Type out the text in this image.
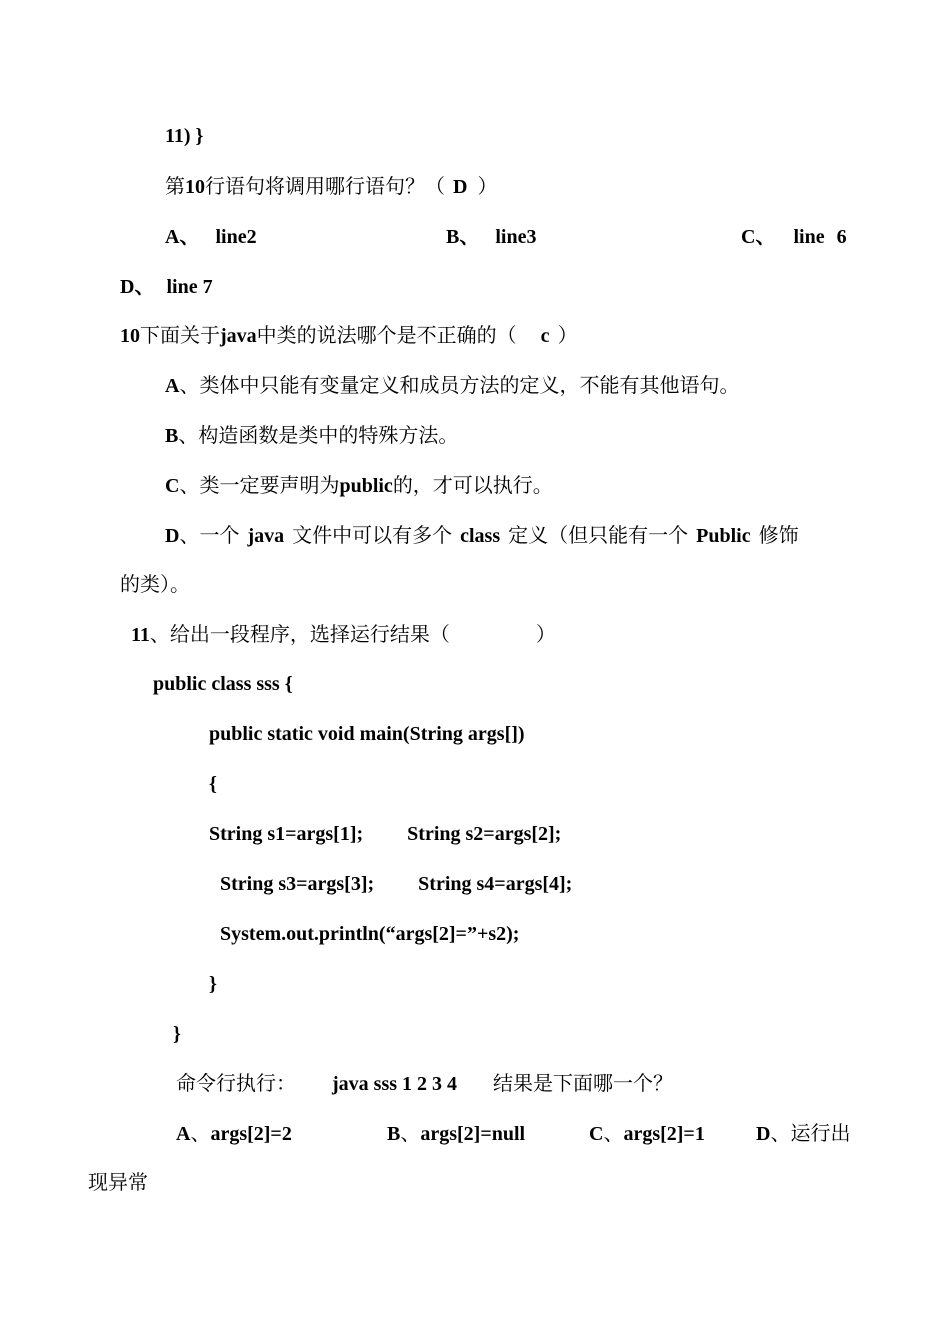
11) }
第10行语句将调用哪行语句？（ D ）
A、 line2	B、 line3	C、 line 6
D、 line 7
10下面关于java中类的说法哪个是不正确的（ c ）
A、类体中只能有变量定义和成员方法的定义，不能有其他语句。
B、构造函数是类中的特殊方法。
C、类一定要声明为public的，才可以执行。
D、一个 java 文件中可以有多个 class 定义（但只能有一个 Public 修饰
的类）。
11、给出一段程序，选择运行结果（	）
public class sss {
public static void main(String args[])
{
String s1=args[1]; String s2=args[2];
String s3=args[3]; String s4=args[4];
System.out.println(“args[2]=”+s2);
}
}
命令行执行： java sss 1 2 3 4 结果是下面哪一个？
A、args[2]=2	B、args[2]=null	C、args[2]=1	D、运行出
现异常
